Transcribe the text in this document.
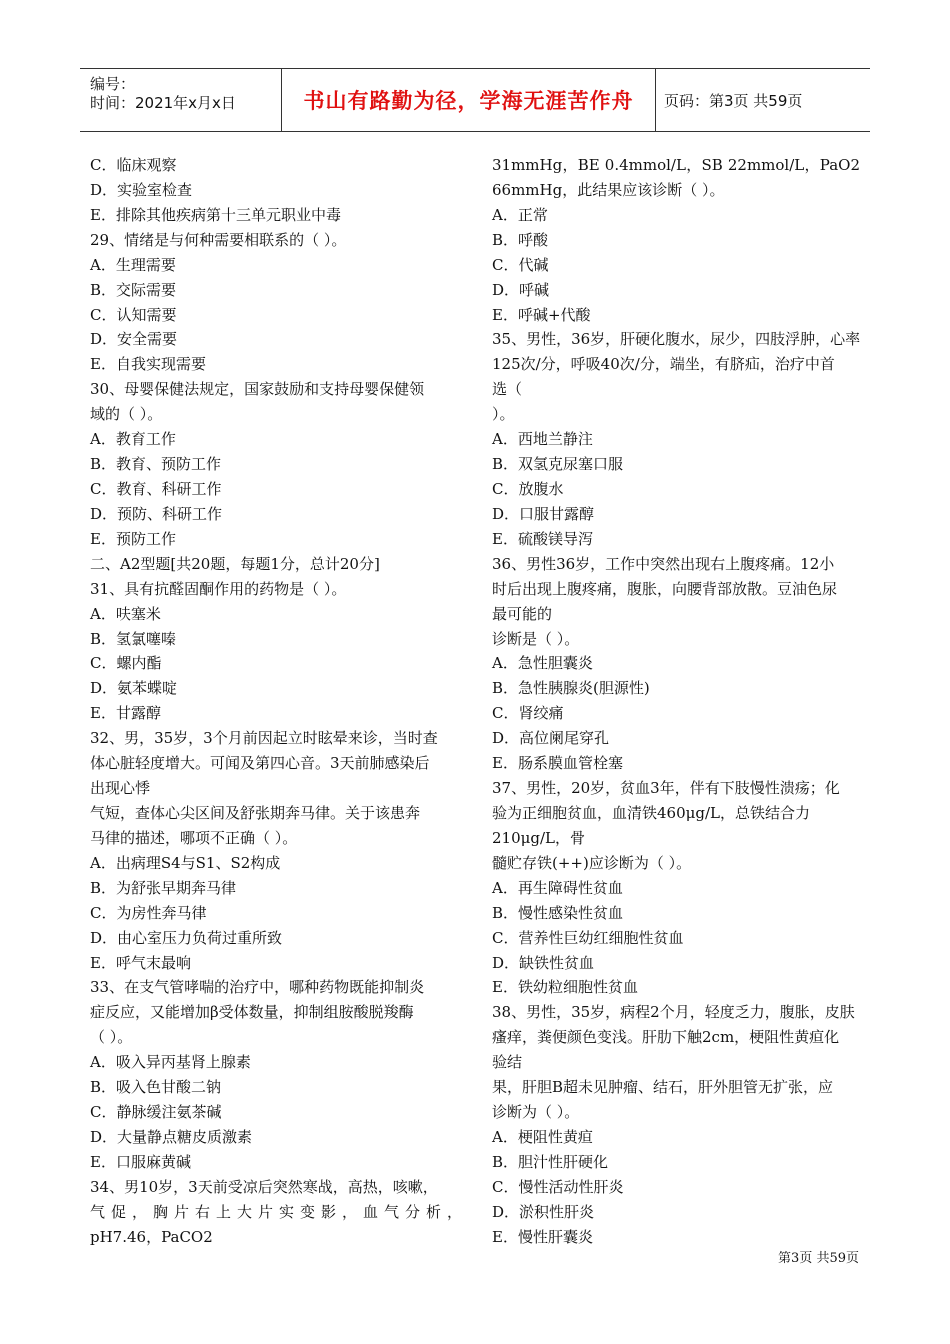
编号：
时间：2021年x月x日	书山有路勤为径，学海无涯苦作舟 页码：第3页 共59页
C．临床观察
D．实验室检查
E．排除其他疾病第十三单元职业中毒
29、情绪是与何种需要相联系的（ ）。
A．生理需要
B．交际需要
C．认知需要
D．安全需要
E．自我实现需要
30、母婴保健法规定，国家鼓励和支持母婴保健领
域的（ ）。
A．教育工作
B．教育、预防工作
C．教育、科研工作
D．预防、科研工作
E．预防工作
二、A2型题[共20题，每题1分，总计20分]
31、具有抗醛固酮作用的药物是（ ）。
A．呋塞米
B．氢氯噻嗪
C．螺内酯
D．氨苯蝶啶
E．甘露醇
32、男，35岁，3个月前因起立时眩晕来诊，当时查
体心脏轻度增大。可闻及第四心音。3天前肺感染后
出现心悸
气短，查体心尖区间及舒张期奔马律。关于该患奔
马律的描述，哪项不正确（ ）。
A．出病理S4与S1、S2构成
B．为舒张早期奔马律
C．为房性奔马律
D．由心室压力负荷过重所致
E．呼气末最响
33、在支气管哮喘的治疗中，哪种药物既能抑制炎
症反应，又能增加β受体数量，抑制组胺酸脱羧酶
（ ）。
A．吸入异丙基肾上腺素
B．吸入色甘酸二钠
C．静脉缓注氨茶碱
D．大量静点糖皮质激素
E．口服麻黄碱
34、男10岁，3天前受凉后突然寒战，高热，咳嗽，
气促，胸片右上大片实变影，血气分析，
pH7.46，PaCO2
31mmHg，BE 0.4mmol/L，SB 22mmol/L，PaO2
66mmHg，此结果应该诊断（ ）。
A．正常
B．呼酸
C．代碱
D．呼碱
E．呼碱+代酸
35、男性，36岁，肝硬化腹水，尿少，四肢浮肿，心率
125次/分，呼吸40次/分，端坐，有脐疝，治疗中首
选（
）。
A．西地兰静注
B．双氢克尿塞口服
C．放腹水
D．口服甘露醇
E．硫酸镁导泻
36、男性36岁，工作中突然出现右上腹疼痛。12小
时后出现上腹疼痛，腹胀，向腰背部放散。豆油色尿
最可能的
诊断是（ ）。
A．急性胆囊炎
B．急性胰腺炎(胆源性)
C．肾绞痛
D．高位阑尾穿孔
E．肠系膜血管栓塞
37、男性，20岁，贫血3年，伴有下肢慢性溃疡；化
验为正细胞贫血，血清铁460μg/L，总铁结合力
210μg/L，骨
髓贮存铁(++)应诊断为（ ）。
A．再生障碍性贫血
B．慢性感染性贫血
C．营养性巨幼红细胞性贫血
D．缺铁性贫血
E．铁幼粒细胞性贫血
38、男性，35岁，病程2个月，轻度乏力，腹胀，皮肤
瘙痒，粪便颜色变浅。肝肋下触2cm，梗阻性黄疸化
验结
果，肝胆B超未见肿瘤、结石，肝外胆管无扩张，应
诊断为（ ）。
A．梗阻性黄疸
B．胆汁性肝硬化
C．慢性活动性肝炎
D．淤积性肝炎
E．慢性肝囊炎
第3页 共59页
